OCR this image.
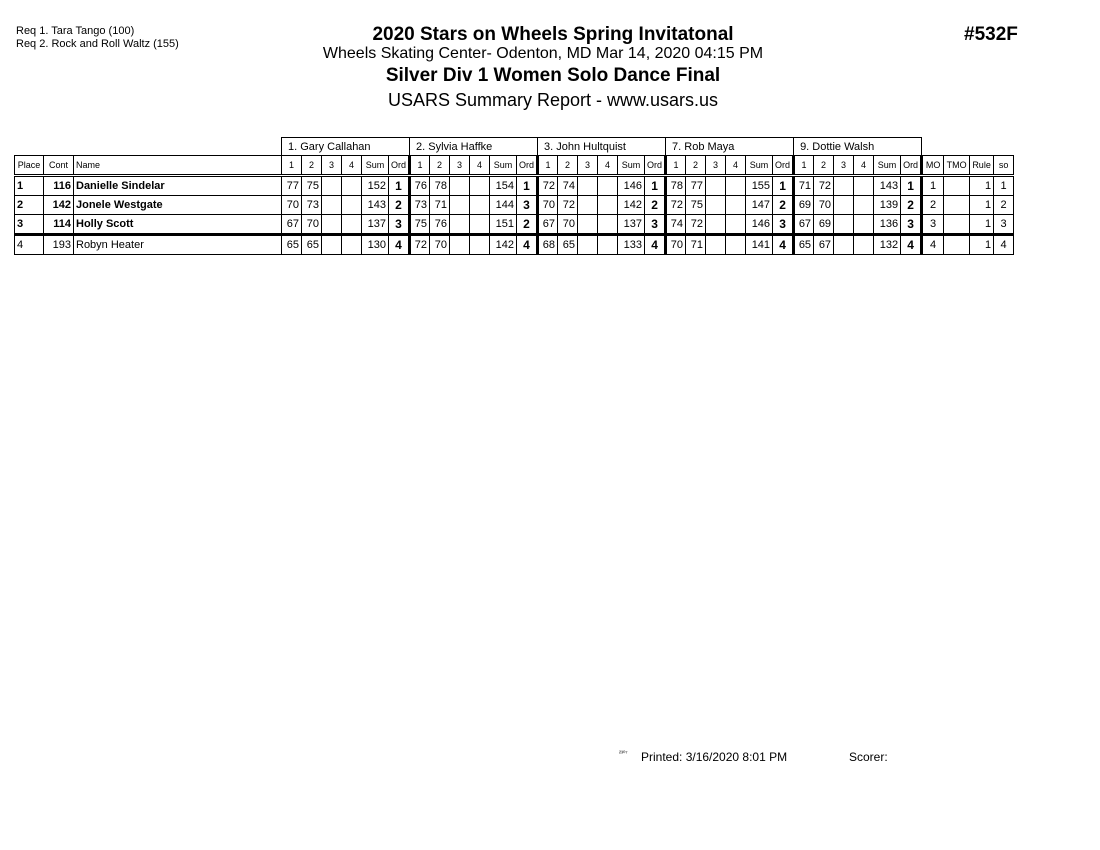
Req 1. Tara Tango (100)
Req 2. Rock and Roll Waltz (155)	2020 Stars on Wheels Spring Invitatonal
Wheels Skating Center- Odenton, MD Mar 14, 2020 04:15 PM
Silver Div 1 Women Solo Dance Final
USARS Summary Report - www.usars.us
#532F
			1. Gary Callahan						2. Sylvia Haffke						3. John Hultquist						7. Rob Maya						9. Dottie Walsh									
Place	Cont	Name	1	2	3	4	Sum	Ord	1	2	3	4	Sum	Ord	1	2	3	4	Sum	Ord	1	2	3	4	Sum	Ord	1	2	3	4	Sum	Ord	MO	TMO	Rule	so
1	116	Danielle Sindelar	77	75			152	1	76	78			154	1	72	74			146	1	78	77			155	1	71	72			143	1	1		1	1
2	142	Jonele Westgate	70	73			143	2	73	71			144	3	70	72			142	2	72	75			147	2	69	70			139	2	2		1	2
3	114	Holly Scott	67	70			137	3	75	76			151	2	67	70			137	3	74	72			146	3	67	69			136	3	3		1	3
4	193	Robyn Heater	65	65			130	4	72	70			142	4	68	65			133	4	70	71			141	4	65	67			132	4	4		1	4
²³⁰⁷ Printed: 3/16/2020 8:01 PM	Scorer:
